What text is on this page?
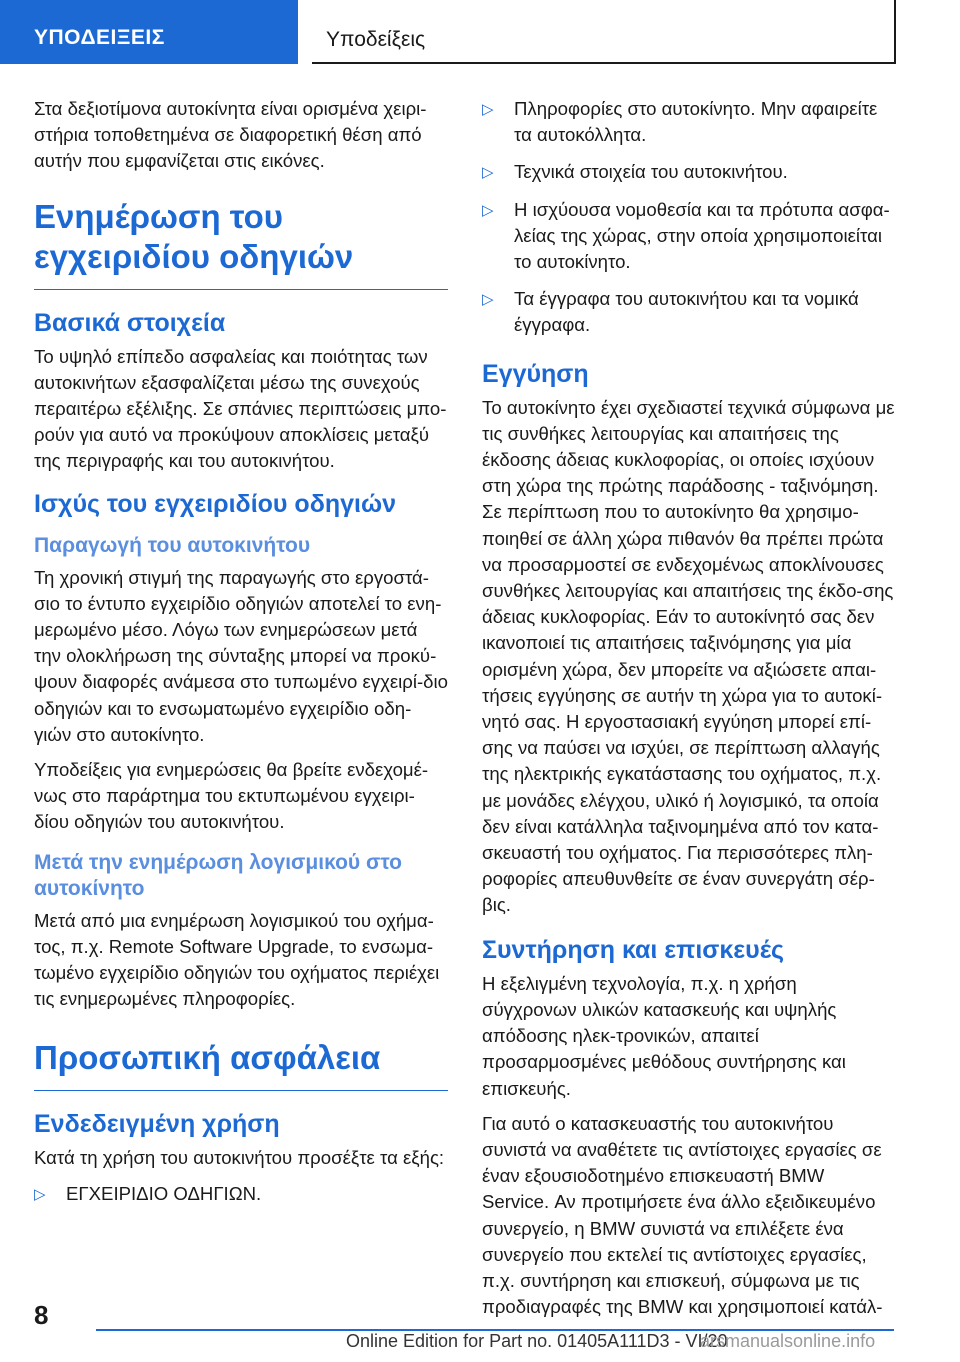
ΥΠΟΔΕΙΞΕΙΣ	Υποδείξεις

Στα δεξιοτίμονα αυτοκίνητα είναι ορισμένα χειρι-στήρια τοποθετημένα σε διαφορετική θέση από αυτήν που εμφανίζεται στις εικόνες.

Ενημέρωση του εγχειριδίου οδηγιών
Βασικά στοιχεία

Το υψηλό επίπεδο ασφαλείας και ποιότητας των αυτοκινήτων εξασφαλίζεται μέσω της συνεχούς περαιτέρω εξέλιξης. Σε σπάνιες περιπτώσεις μπο-ρούν για αυτό να προκύψουν αποκλίσεις μεταξύ της περιγραφής και του αυτοκινήτου.

Ισχύς του εγχειριδίου οδηγιών
Παραγωγή του αυτοκινήτου

Τη χρονική στιγμή της παραγωγής στο εργοστά-σιο το έντυπο εγχειρίδιο οδηγιών αποτελεί το ενη-μερωμένο μέσο. Λόγω των ενημερώσεων μετά την ολοκλήρωση της σύνταξης μπορεί να προκύ-ψουν διαφορές ανάμεσα στο τυπωμένο εγχειρί-διο οδηγιών και το ενσωματωμένο εγχειρίδιο οδη-γιών στο αυτοκίνητο.

Υποδείξεις για ενημερώσεις θα βρείτε ενδεχομέ-νως στο παράρτημα του εκτυπωμένου εγχειρι-δίου οδηγιών του αυτοκινήτου.

Μετά την ενημέρωση λογισμικού στο αυτοκίνητο

Μετά από μια ενημέρωση λογισμικού του οχήμα-τος, π.χ. Remote Software Upgrade, το ενσωμα-τωμένο εγχειρίδιο οδηγιών του οχήματος περιέχει τις ενημερωμένες πληροφορίες.

Προσωπική ασφάλεια
Ενδεδειγμένη χρήση

Κατά τη χρήση του αυτοκινήτου προσέξτε τα εξής:

▷ ΕΓΧΕΙΡΙΔΙΟ ΟΔΗΓΙΩΝ.
▷ Πληροφορίες στο αυτοκίνητο. Μην αφαιρείτε τα αυτοκόλλητα.
▷ Τεχνικά στοιχεία του αυτοκινήτου.
▷ Η ισχύουσα νομοθεσία και τα πρότυπα ασφα-λείας της χώρας, στην οποία χρησιμοποιείται το αυτοκίνητο.
▷ Τα έγγραφα του αυτοκινήτου και τα νομικά έγγραφα.
Εγγύηση

Το αυτοκίνητο έχει σχεδιαστεί τεχνικά σύμφωνα με τις συνθήκες λειτουργίας και απαιτήσεις της έκδοσης άδειας κυκλοφορίας, οι οποίες ισχύουν στη χώρα της πρώτης παράδοσης - ταξινόμηση. Σε περίπτωση που το αυτοκίνητο θα χρησιμο-ποιηθεί σε άλλη χώρα πιθανόν θα πρέπει πρώτα να προσαρμοστεί σε ενδεχομένως αποκλίνουσες συνθήκες λειτουργίας και απαιτήσεις της έκδο-σης άδειας κυκλοφορίας. Εάν το αυτοκίνητό σας δεν ικανοποιεί τις απαιτήσεις ταξινόμησης για μία ορισμένη χώρα, δεν μπορείτε να αξιώσετε απαι-τήσεις εγγύησης σε αυτήν τη χώρα για το αυτοκί-νητό σας. Η εργοστασιακή εγγύηση μπορεί επί-σης να παύσει να ισχύει, σε περίπτωση αλλαγής της ηλεκτρικής εγκατάστασης του οχήματος, π.χ. με μονάδες ελέγχου, υλικό ή λογισμικό, τα οποία δεν είναι κατάλληλα ταξινομημένα από τον κατα-σκευαστή του οχήματος. Για περισσότερες πλη-ροφορίες απευθυνθείτε σε έναν συνεργάτη σέρ-βις.

Συντήρηση και επισκευές

Η εξελιγμένη τεχνολογία, π.χ. η χρήση σύγχρονων υλικών κατασκευής και υψηλής απόδοσης ηλεκ-τρονικών, απαιτεί προσαρμοσμένες μεθόδους συντήρησης και επισκευής.

Για αυτό ο κατασκευαστής του αυτοκινήτου συνιστά να αναθέτετε τις αντίστοιχες εργασίες σε έναν εξουσιοδοτημένο επισκευαστή BMW Service. Αν προτιμήσετε ένα άλλο εξειδικευμένο συνεργείο, η BMW συνιστά να επιλέξετε ένα συνεργείο που εκτελεί τις αντίστοιχες εργασίες, π.χ. συντήρηση και επισκευή, σύμφωνα με τις προδιαγραφές της BMW και χρησιμοποιεί κατάλ-

8
Online Edition for Part no. 01405A111D3 - VI/20
arsmanualsonline.info
